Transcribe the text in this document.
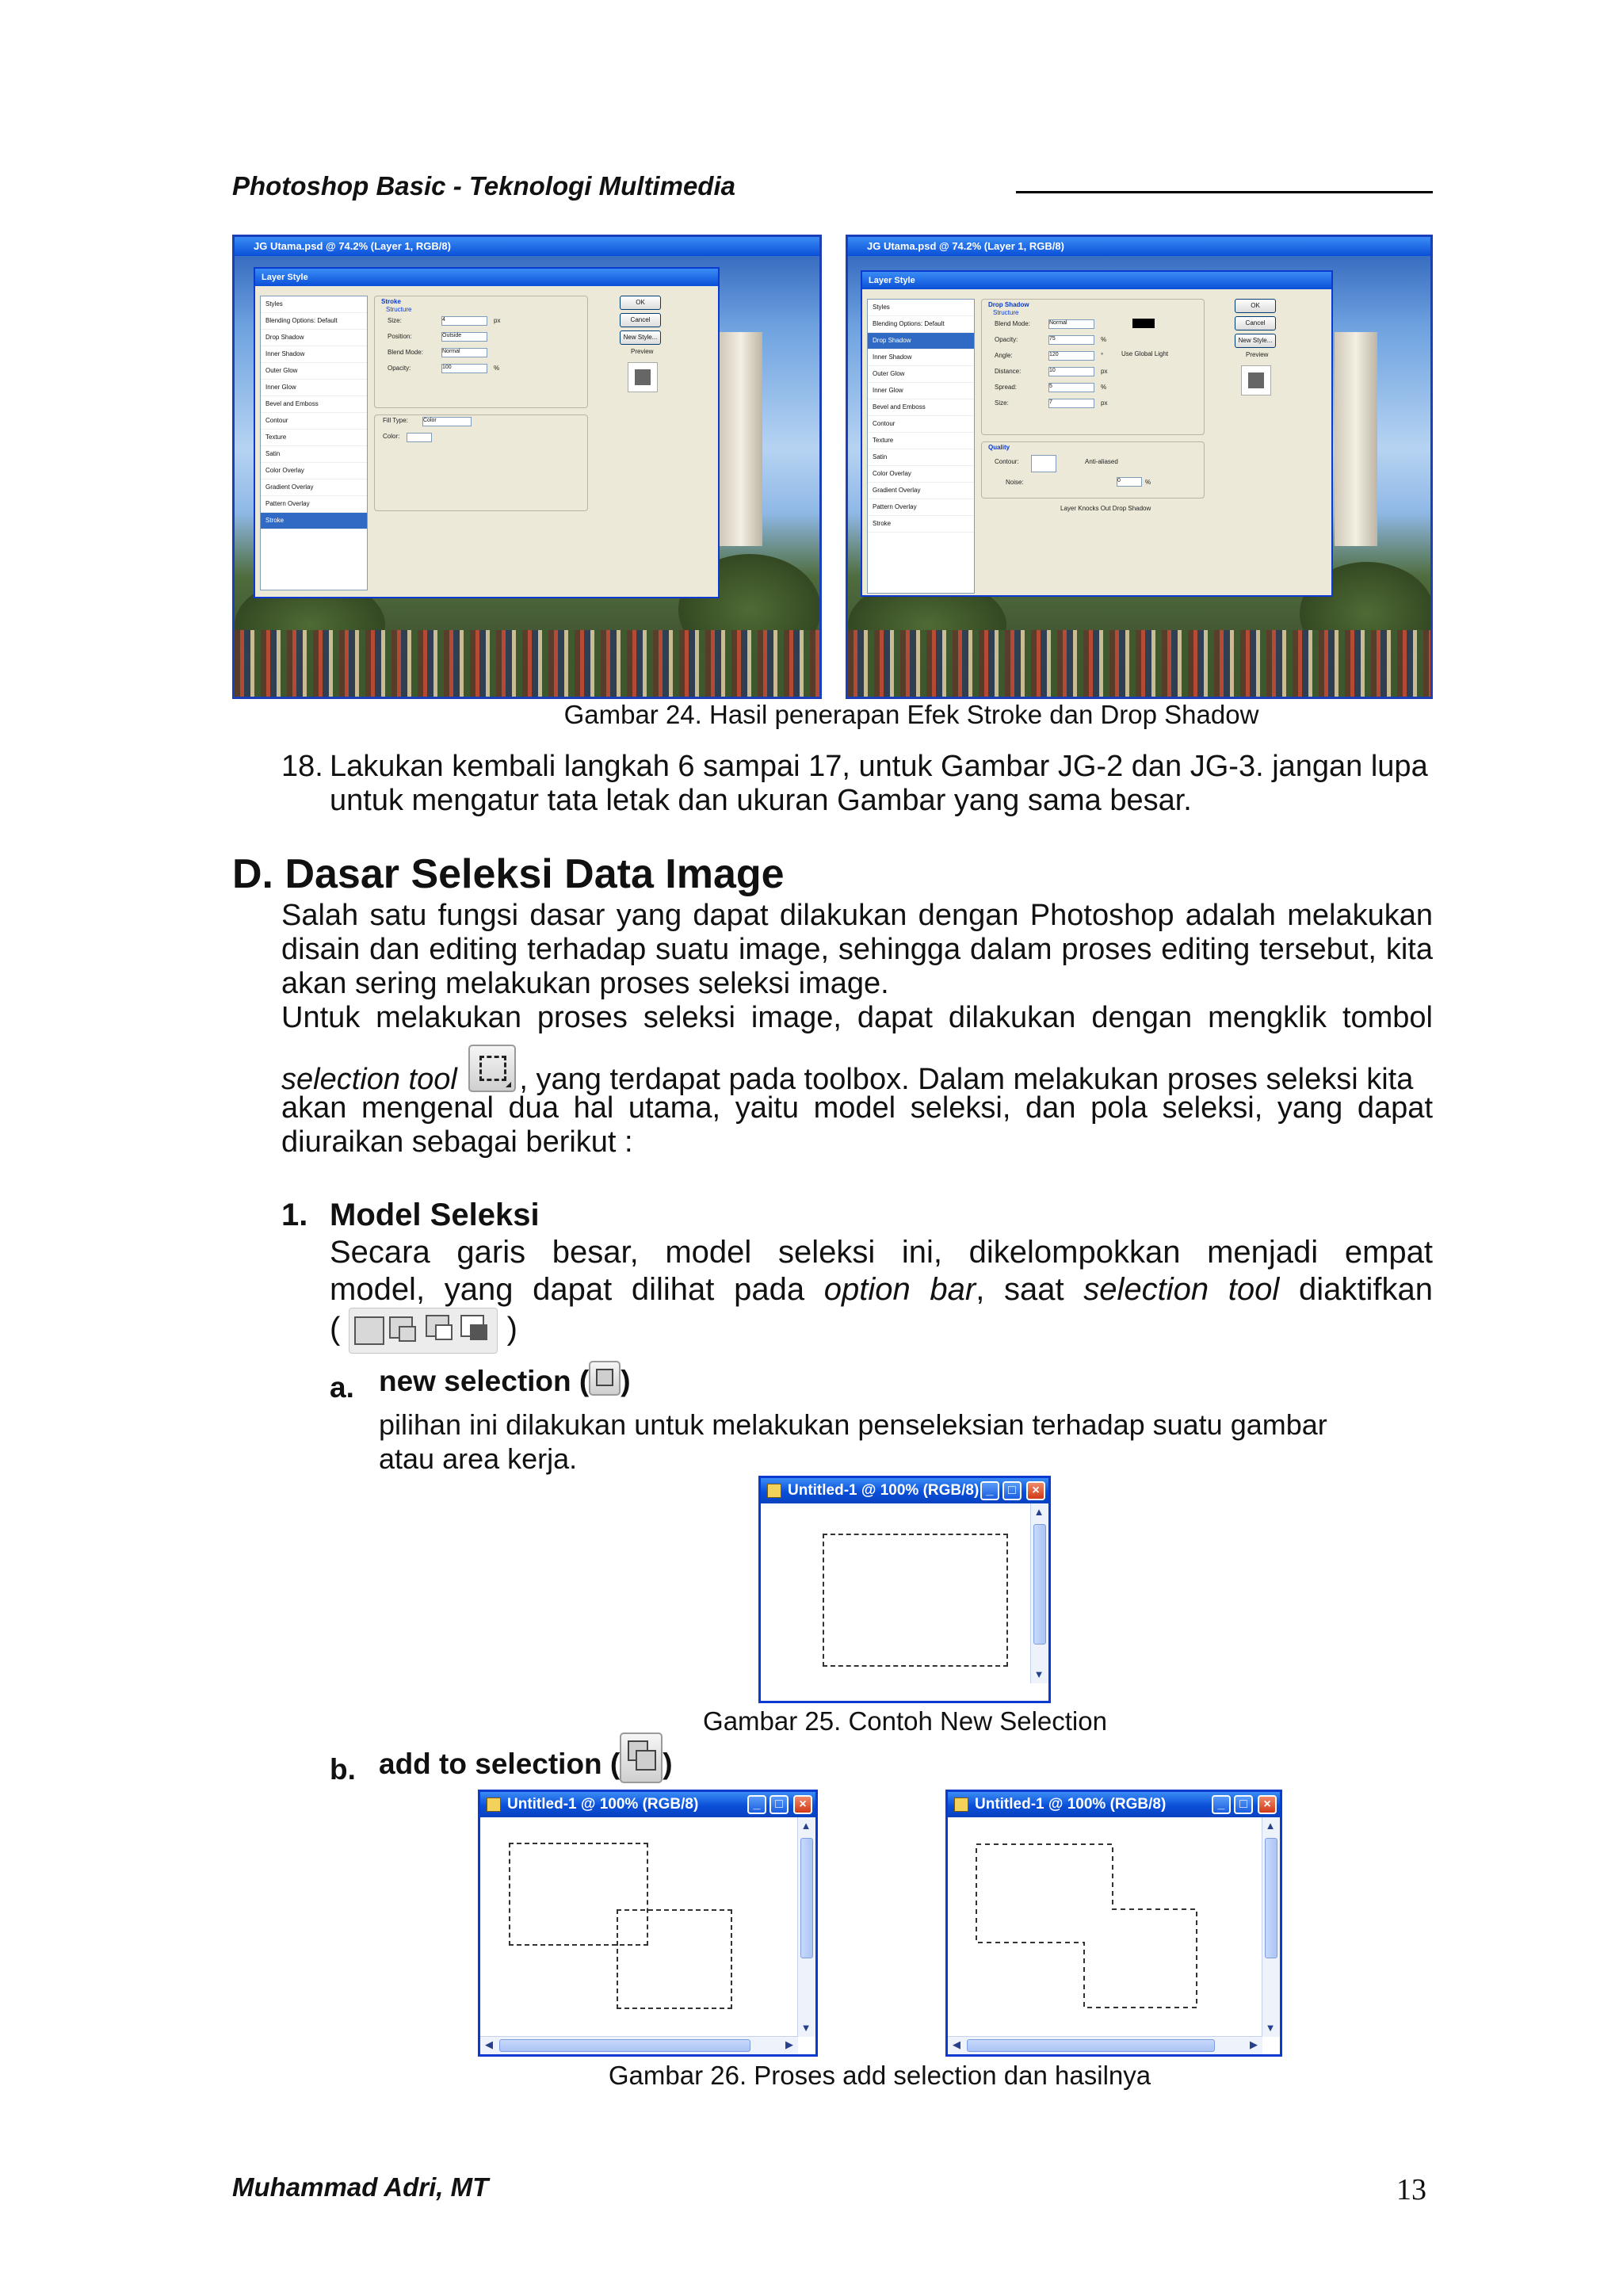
Photoshop Basic - Teknologi Multimedia
JG Utama.psd @ 74.2% (Layer 1, RGB/8)
Layer Style
Styles
Blending Options: Default
Drop Shadow
Inner Shadow
Outer Glow
Inner Glow
Bevel and Emboss
Contour
Texture
Satin
Color Overlay
Gradient Overlay
Pattern Overlay
Stroke
Stroke
Structure
Size:	4	px
Position:	Outside
Blend Mode:	Normal
Opacity:	100	%
Fill Type:	Color
Color:
OK
Cancel
New Style...
Preview
JG Utama.psd @ 74.2% (Layer 1, RGB/8)
Layer Style
Styles
Blending Options: Default
Drop Shadow
Inner Shadow
Outer Glow
Inner Glow
Bevel and Emboss
Contour
Texture
Satin
Color Overlay
Gradient Overlay
Pattern Overlay
Stroke
Drop Shadow
Structure
Blend Mode:	Normal
Opacity:	75	%
Angle:	120	°
Distance:	10	px
Spread:	5	%
Size:	7	px
Use Global Light
Quality
Contour:	Anti-aliased
Noise:	0	%
Layer Knocks Out Drop Shadow
OK
Cancel
New Style...
Preview
Gambar 24. Hasil penerapan Efek Stroke dan Drop Shadow
18. Lakukan kembali langkah 6 sampai 17, untuk Gambar JG-2 dan JG-3. jangan lupa
untuk mengatur tata letak dan ukuran Gambar yang sama besar.
D. Dasar Seleksi Data Image
Salah satu fungsi dasar yang dapat dilakukan dengan Photoshop adalah melakukan disain dan editing terhadap suatu image, sehingga dalam proses editing tersebut, kita akan sering melakukan proses seleksi image.
Untuk melakukan proses seleksi image, dapat dilakukan dengan mengklik tombol
selection tool , yang terdapat pada toolbox. Dalam melakukan proses seleksi kita
akan mengenal dua hal utama, yaitu model seleksi, dan pola seleksi, yang dapat
diuraikan sebagai berikut :
1. Model Seleksi
Secara garis besar, model seleksi ini, dikelompokkan menjadi empat
model, yang dapat dilihat pada option bar, saat selection tool diaktifkan
(	)
a. new selection ( )
pilihan ini dilakukan untuk melakukan penseleksian terhadap suatu gambar
atau area kerja.
Untitled-1 @ 100% (RGB/8) _	□	×
▲
▼
Gambar 25. Contoh New Selection
b. add to selection ( )
Untitled-1 @ 100% (RGB/8)	_	□	×
▲
▼
◀	▶
Untitled-1 @ 100% (RGB/8)	_	□	×
▲
▼
◀	▶
Gambar 26. Proses add selection dan hasilnya
Muhammad Adri, MT	13
